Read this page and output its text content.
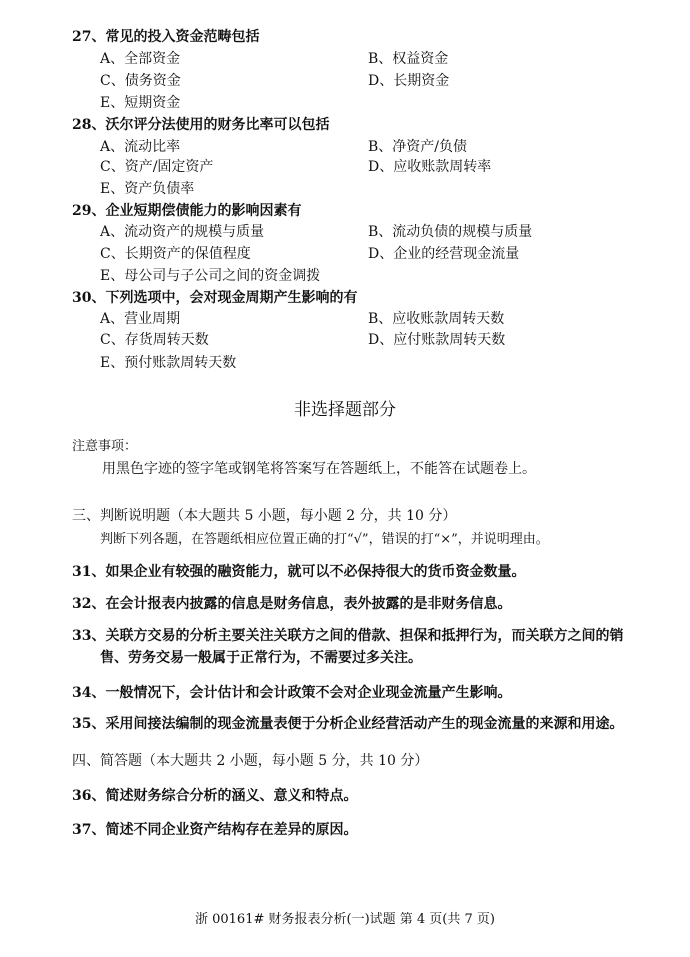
27、常见的投入资金范畴包括
A、全部资金	B、权益资金
C、债务资金	D、长期资金
E、短期资金
28、沃尔评分法使用的财务比率可以包括
A、流动比率	B、净资产/负债
C、资产/固定资产	D、应收账款周转率
E、资产负债率
29、企业短期偿债能力的影响因素有
A、流动资产的规模与质量	B、流动负债的规模与质量
C、长期资产的保值程度	D、企业的经营现金流量
E、母公司与子公司之间的资金调拨
30、下列选项中，会对现金周期产生影响的有
A、营业周期	B、应收账款周转天数
C、存货周转天数	D、应付账款周转天数
E、预付账款周转天数
非选择题部分
注意事项：
用黑色字迹的签字笔或钢笔将答案写在答题纸上，不能答在试题卷上。
三、判断说明题（本大题共 5 小题，每小题 2 分，共 10 分）
判断下列各题，在答题纸相应位置正确的打“√”，错误的打“×”，并说明理由。
31、如果企业有较强的融资能力，就可以不必保持很大的货币资金数量。
32、在会计报表内披露的信息是财务信息，表外披露的是非财务信息。
33、关联方交易的分析主要关注关联方之间的借款、担保和抵押行为，而关联方之间的销
售、劳务交易一般属于正常行为，不需要过多关注。
34、一般情况下，会计估计和会计政策不会对企业现金流量产生影响。
35、采用间接法编制的现金流量表便于分析企业经营活动产生的现金流量的来源和用途。
四、简答题（本大题共 2 小题，每小题 5 分，共 10 分）
36、简述财务综合分析的涵义、意义和特点。
37、简述不同企业资产结构存在差异的原因。
浙 00161# 财务报表分析(一)试题 第 4 页(共 7 页)
